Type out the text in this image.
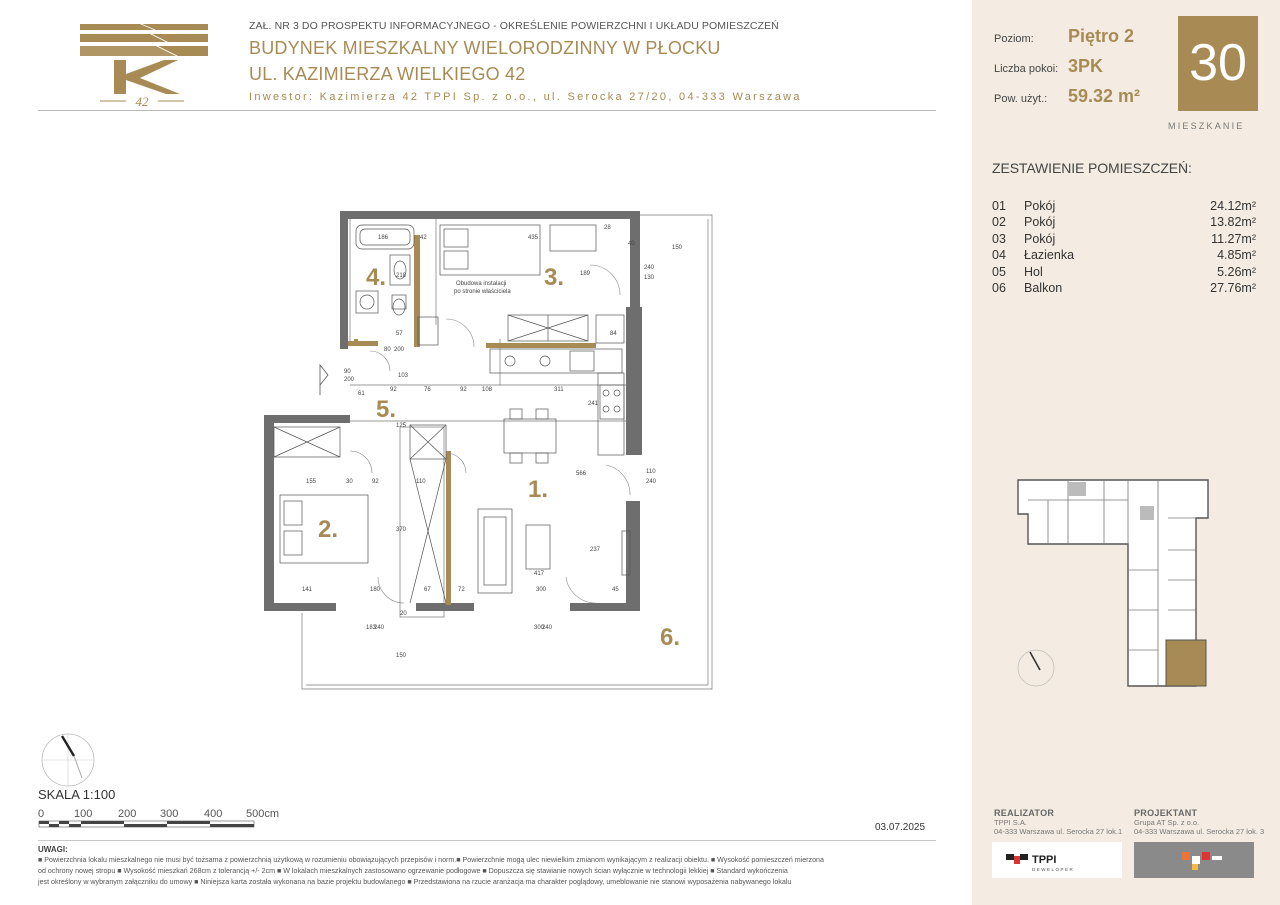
42
ZAŁ. NR 3 DO PROSPEKTU INFORMACYJNEGO - OKREŚLENIE POWIERZCHNI I UKŁADU POMIESZCZEŃ
BUDYNEK MIESZKALNY WIELORODZINNY W PŁOCKU
UL. KAZIMIERZA WIELKIEGO 42
Inwestor: Kazimierza 42 TPPI Sp. z o.o., ul. Serocka 27/20, 04-333 Warszawa
4.	3.
5.
1.
2.
6.
Obudowa instalacji
po stronie właściciela
186	42	435
28
150
218	189
240
130
57
80 200
90
200
103
61
92	76	92	108	311
241
110
240
125
155	30	92	110
370
417
300	45
141	180	67	72
183
240	300
240
150
20
84
237
40
566
SKALA 1:100
0	100 200 300 400 500cm
03.07.2025
UWAGI:
■ Powierzchnia lokalu mieszkalnego nie musi być tożsama z powierzchnią użytkową w rozumieniu obowiązujących przepisów i norm.■ Powierzchnie mogą ulec niewielkim zmianom wynikającym z realizacji obiektu. ■ Wysokość pomieszczeń mierzona
od ochrony nowej stropu ■ Wysokość mieszkań 268cm z tolerancją +/- 2cm ■ W lokalach mieszkalnych zastosowano ogrzewanie podłogowe ■ Dopuszcza się stawianie nowych ścian wyłącznie w technologii lekkiej ■ Standard wykończenia
jest określony w wybranym załączniku do umowy ■ Niniejsza karta została wykonana na bazie projektu budowlanego ■ Przedstawiona na rzucie aranżacja ma charakter poglądowy, umeblowanie nie stanowi wyposażenia nabywanego lokalu
Poziom: Piętro 2
Liczba pokoi: 3PK
Pow. użyt.: 59.32 m²
30
MIESZKANIE
ZESTAWIENIE POMIESZCZEŃ:
01 Pokój	24.12m²
02 Pokój	13.82m²
03 Pokój	11.27m²
04 Łazienka	4.85m²
05 Hol	5.26m²
06 Balkon	27.76m²
REALIZATOR
TPPI S.A.
04-333 Warszawa ul. Serocka 27 lok.1
PROJEKTANT
Grupa AT Sp. z o.o.
04-333 Warszawa ul. Serocka 27 lok. 3
TPPI
DEWELOPER
